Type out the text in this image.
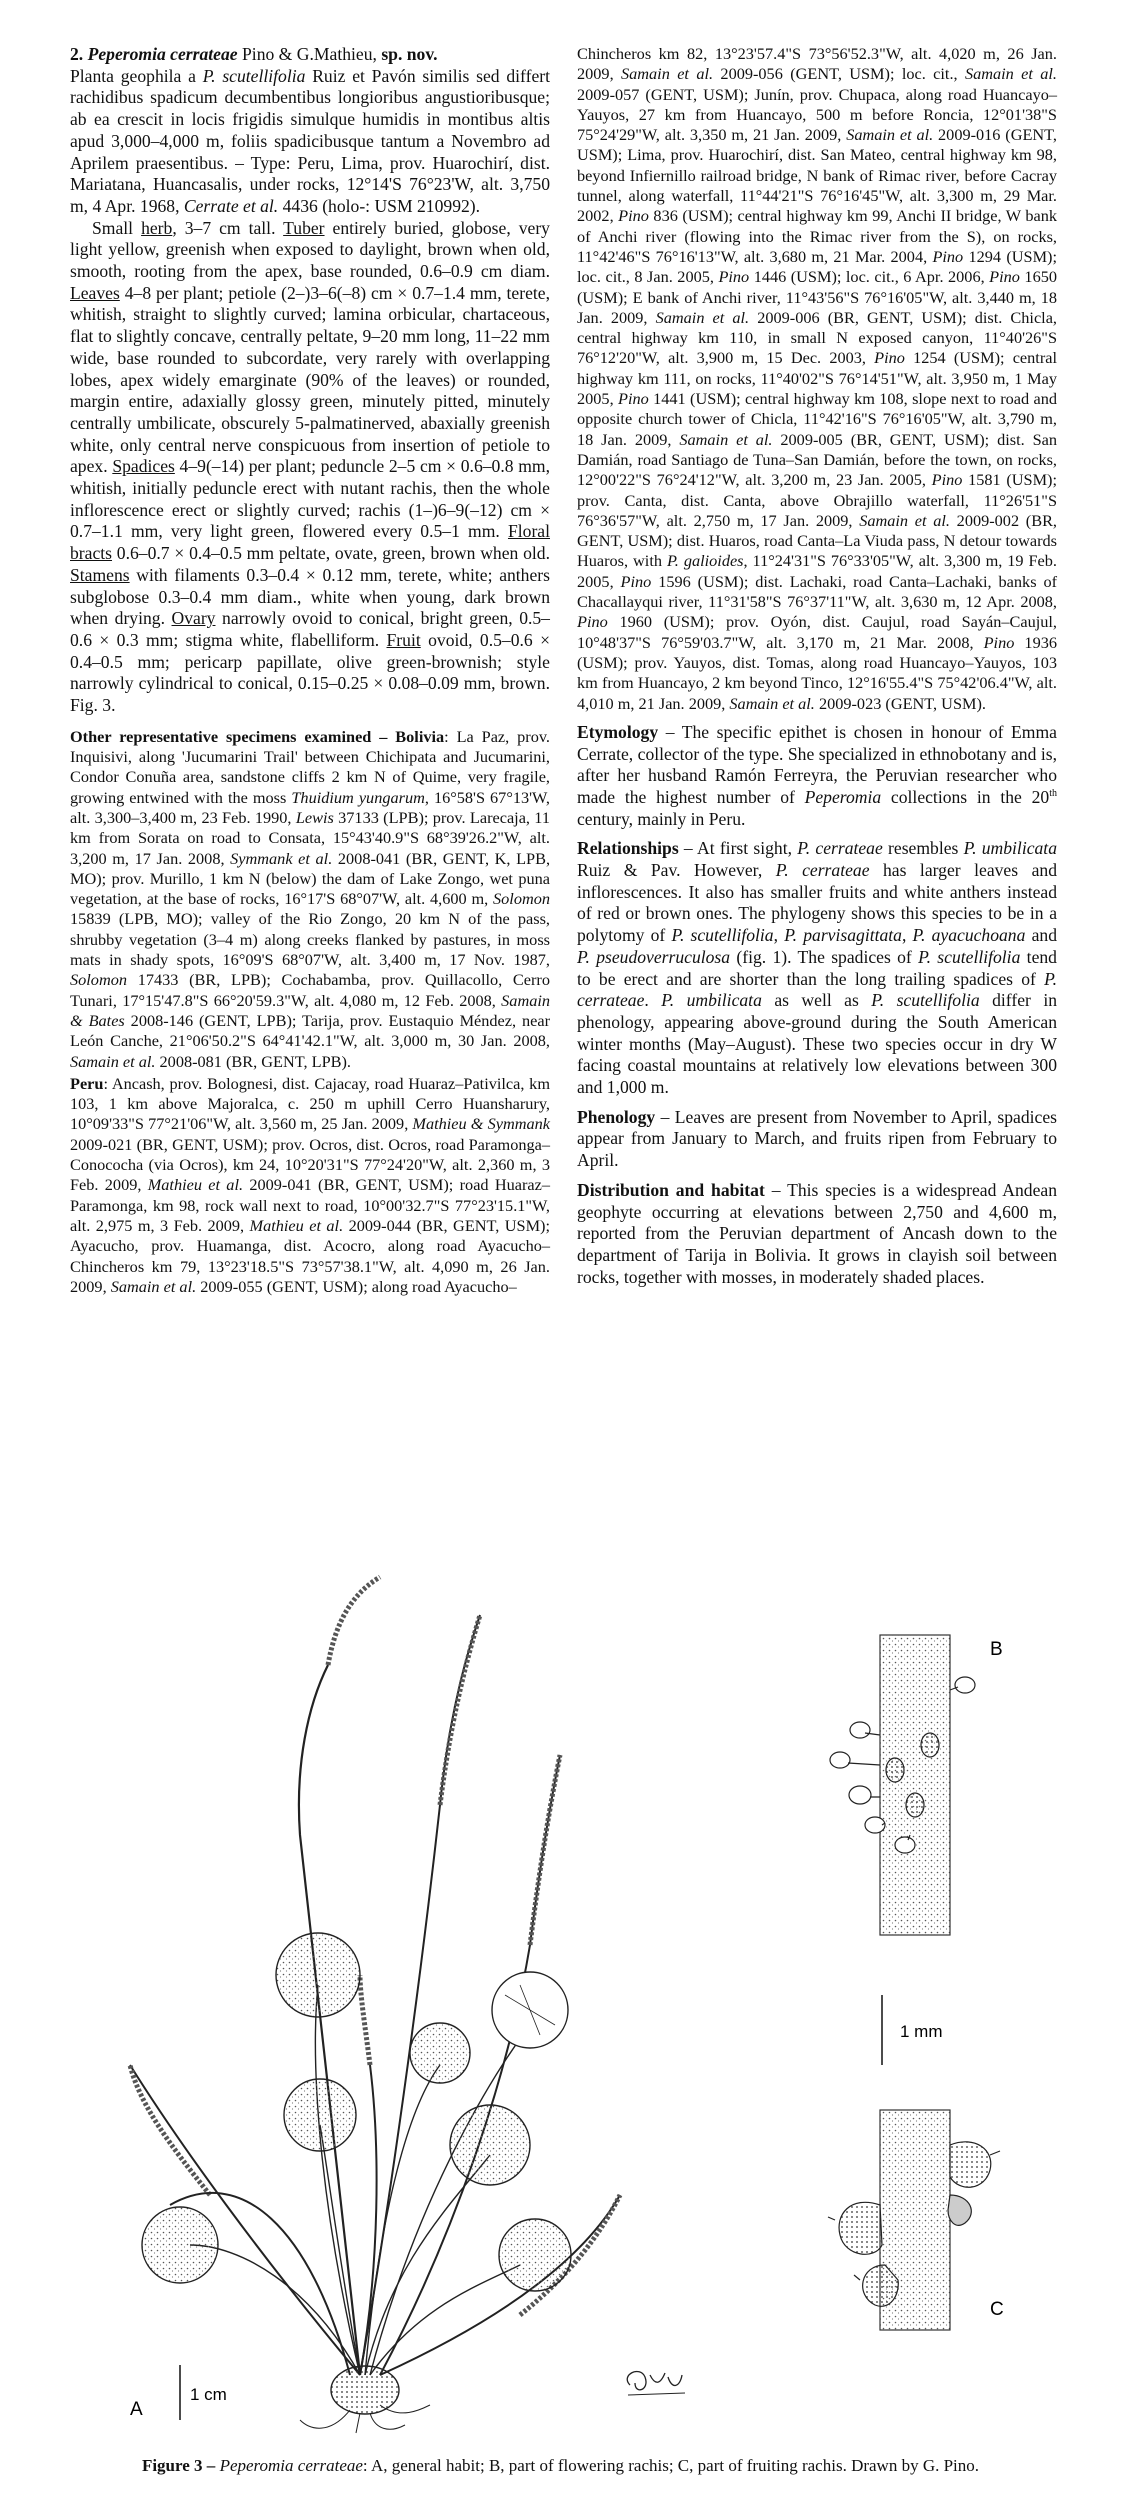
2. Peperomia cerrateae Pino & G.Mathieu, sp. nov.

Planta geophila a P. scutellifolia Ruiz et Pavón similis sed differt rachidibus spadicum decumbentibus longioribus angustioribusque; ab ea crescit in locis frigidis simulque humidis in montibus altis apud 3,000–4,000 m, foliis spadicibusque tantum a Novembro ad Aprilem praesentibus. – Type: Peru, Lima, prov. Huarochirí, dist. Mariatana, Huancasalis, under rocks, 12°14'S 76°23'W, alt. 3,750 m, 4 Apr. 1968, Cerrate et al. 4436 (holo-: USM 210992).

Small herb, 3–7 cm tall. Tuber entirely buried, globose, very light yellow, greenish when exposed to daylight, brown when old, smooth, rooting from the apex, base rounded, 0.6–0.9 cm diam. Leaves 4–8 per plant; petiole (2–)3–6(–8) cm × 0.7–1.4 mm, terete, whitish, straight to slightly curved; lamina orbicular, chartaceous, flat to slightly concave, centrally peltate, 9–20 mm long, 11–22 mm wide, base rounded to subcordate, very rarely with overlapping lobes, apex widely emarginate (90% of the leaves) or rounded, margin entire, adaxially glossy green, minutely pitted, minutely centrally umbilicate, obscurely 5-palmatinerved, abaxially greenish white, only central nerve conspicuous from insertion of petiole to apex. Spadices 4–9(–14) per plant; peduncle 2–5 cm × 0.6–0.8 mm, whitish, initially peduncle erect with nutant rachis, then the whole inflorescence erect or slightly curved; rachis (1–)6–9(–12) cm × 0.7–1.1 mm, very light green, flowered every 0.5–1 mm. Floral bracts 0.6–0.7 × 0.4–0.5 mm peltate, ovate, green, brown when old. Stamens with filaments 0.3–0.4 × 0.12 mm, terete, white; anthers subglobose 0.3–0.4 mm diam., white when young, dark brown when drying. Ovary narrowly ovoid to conical, bright green, 0.5–0.6 × 0.3 mm; stigma white, flabelliform. Fruit ovoid, 0.5–0.6 × 0.4–0.5 mm; pericarp papillate, olive green-brownish; style narrowly cylindrical to conical, 0.15–0.25 × 0.08–0.09 mm, brown. Fig. 3.

Other representative specimens examined – Bolivia: La Paz, prov. Inquisivi, along 'Jucumarini Trail' between Chichipata and Jucumarini, Condor Conuña area, sandstone cliffs 2 km N of Quime, very fragile, growing entwined with the moss Thuidium yungarum, 16°58'S 67°13'W, alt. 3,300–3,400 m, 23 Feb. 1990, Lewis 37133 (LPB); prov. Larecaja, 11 km from Sorata on road to Consata, 15°43'40.9"S 68°39'26.2"W, alt. 3,200 m, 17 Jan. 2008, Symmank et al. 2008-041 (BR, GENT, K, LPB, MO); prov. Murillo, 1 km N (below) the dam of Lake Zongo, wet puna vegetation, at the base of rocks, 16°17'S 68°07'W, alt. 4,600 m, Solomon 15839 (LPB, MO); valley of the Rio Zongo, 20 km N of the pass, shrubby vegetation (3–4 m) along creeks flanked by pastures, in moss mats in shady spots, 16°09'S 68°07'W, alt. 3,400 m, 17 Nov. 1987, Solomon 17433 (BR, LPB); Cochabamba, prov. Quillacollo, Cerro Tunari, 17°15'47.8"S 66°20'59.3"W, alt. 4,080 m, 12 Feb. 2008, Samain & Bates 2008-146 (GENT, LPB); Tarija, prov. Eustaquio Méndez, near León Canche, 21°06'50.2"S 64°41'42.1"W, alt. 3,000 m, 30 Jan. 2008, Samain et al. 2008-081 (BR, GENT, LPB).

Peru: Ancash, prov. Bolognesi, dist. Cajacay, road Huaraz–Pativilca, km 103, 1 km above Majoralca, c. 250 m uphill Cerro Huansharury, 10°09'33"S 77°21'06"W, alt. 3,560 m, 25 Jan. 2009, Mathieu & Symmank 2009-021 (BR, GENT, USM); prov. Ocros, dist. Ocros, road Paramonga–Conococha (via Ocros), km 24, 10°20'31"S 77°24'20"W, alt. 2,360 m, 3 Feb. 2009, Mathieu et al. 2009-041 (BR, GENT, USM); road Huaraz–Paramonga, km 98, rock wall next to road, 10°00'32.7"S 77°23'15.1"W, alt. 2,975 m, 3 Feb. 2009, Mathieu et al. 2009-044 (BR, GENT, USM); Ayacucho, prov. Huamanga, dist. Acocro, along road Ayacucho–Chincheros km 79, 13°23'18.5"S 73°57'38.1"W, alt. 4,090 m, 26 Jan. 2009, Samain et al. 2009-055 (GENT, USM); along road Ayacucho–

Chincheros km 82, 13°23'57.4"S 73°56'52.3"W, alt. 4,020 m, 26 Jan. 2009, Samain et al. 2009-056 (GENT, USM); loc. cit., Samain et al. 2009-057 (GENT, USM); Junín, prov. Chupaca, along road Huancayo–Yauyos, 27 km from Huancayo, 500 m before Roncia, 12°01'38"S 75°24'29"W, alt. 3,350 m, 21 Jan. 2009, Samain et al. 2009-016 (GENT, USM); Lima, prov. Huarochirí, dist. San Mateo, central highway km 98, beyond Infiernillo railroad bridge, N bank of Rimac river, before Cacray tunnel, along waterfall, 11°44'21"S 76°16'45"W, alt. 3,300 m, 29 Mar. 2002, Pino 836 (USM); central highway km 99, Anchi II bridge, W bank of Anchi river (flowing into the Rimac river from the S), on rocks, 11°42'46"S 76°16'13"W, alt. 3,680 m, 21 Mar. 2004, Pino 1294 (USM); loc. cit., 8 Jan. 2005, Pino 1446 (USM); loc. cit., 6 Apr. 2006, Pino 1650 (USM); E bank of Anchi river, 11°43'56"S 76°16'05"W, alt. 3,440 m, 18 Jan. 2009, Samain et al. 2009-006 (BR, GENT, USM); dist. Chicla, central highway km 110, in small N exposed canyon, 11°40'26"S 76°12'20"W, alt. 3,900 m, 15 Dec. 2003, Pino 1254 (USM); central highway km 111, on rocks, 11°40'02"S 76°14'51"W, alt. 3,950 m, 1 May 2005, Pino 1441 (USM); central highway km 108, slope next to road and opposite church tower of Chicla, 11°42'16"S 76°16'05"W, alt. 3,790 m, 18 Jan. 2009, Samain et al. 2009-005 (BR, GENT, USM); dist. San Damián, road Santiago de Tuna–San Damián, before the town, on rocks, 12°00'22"S 76°24'12"W, alt. 3,200 m, 23 Jan. 2005, Pino 1581 (USM); prov. Canta, dist. Canta, above Obrajillo waterfall, 11°26'51"S 76°36'57"W, alt. 2,750 m, 17 Jan. 2009, Samain et al. 2009-002 (BR, GENT, USM); dist. Huaros, road Canta–La Viuda pass, N detour towards Huaros, with P. galioides, 11°24'31"S 76°33'05"W, alt. 3,300 m, 19 Feb. 2005, Pino 1596 (USM); dist. Lachaki, road Canta–Lachaki, banks of Chacallayqui river, 11°31'58"S 76°37'11"W, alt. 3,630 m, 12 Apr. 2008, Pino 1960 (USM); prov. Oyón, dist. Caujul, road Sayán–Caujul, 10°48'37"S 76°59'03.7"W, alt. 3,170 m, 21 Mar. 2008, Pino 1936 (USM); prov. Yauyos, dist. Tomas, along road Huancayo–Yauyos, 103 km from Huancayo, 2 km beyond Tinco, 12°16'55.4"S 75°42'06.4"W, alt. 4,010 m, 21 Jan. 2009, Samain et al. 2009-023 (GENT, USM).

Etymology – The specific epithet is chosen in honour of Emma Cerrate, collector of the type. She specialized in ethnobotany and is, after her husband Ramón Ferreyra, the Peruvian researcher who made the highest number of Peperomia collections in the 20th century, mainly in Peru.

Relationships – At first sight, P. cerrateae resembles P. umbilicata Ruiz & Pav. However, P. cerrateae has larger leaves and inflorescences. It also has smaller fruits and white anthers instead of red or brown ones. The phylogeny shows this species to be in a polytomy of P. scutellifolia, P. parvisagittata, P. ayacuchoana and P. pseudoverruculosa (fig. 1). The spadices of P. scutellifolia tend to be erect and are shorter than the long trailing spadices of P. cerrateae. P. umbilicata as well as P. scutellifolia differ in phenology, appearing above-ground during the South American winter months (May–August). These two species occur in dry W facing coastal mountains at relatively low elevations between 300 and 1,000 m.

Phenology – Leaves are present from November to April, spadices appear from January to March, and fruits ripen from February to April.

Distribution and habitat – This species is a widespread Andean geophyte occurring at elevations between 2,750 and 4,600 m, reported from the Peruvian department of Ancash down to the department of Tarija in Bolivia. It grows in clayish soil between rocks, together with mosses, in moderately shaded places.

A
1 cm
B
1 mm
C
Figure 3 – Peperomia cerrateae: A, general habit; B, part of flowering rachis; C, part of fruiting rachis. Drawn by G. Pino.
